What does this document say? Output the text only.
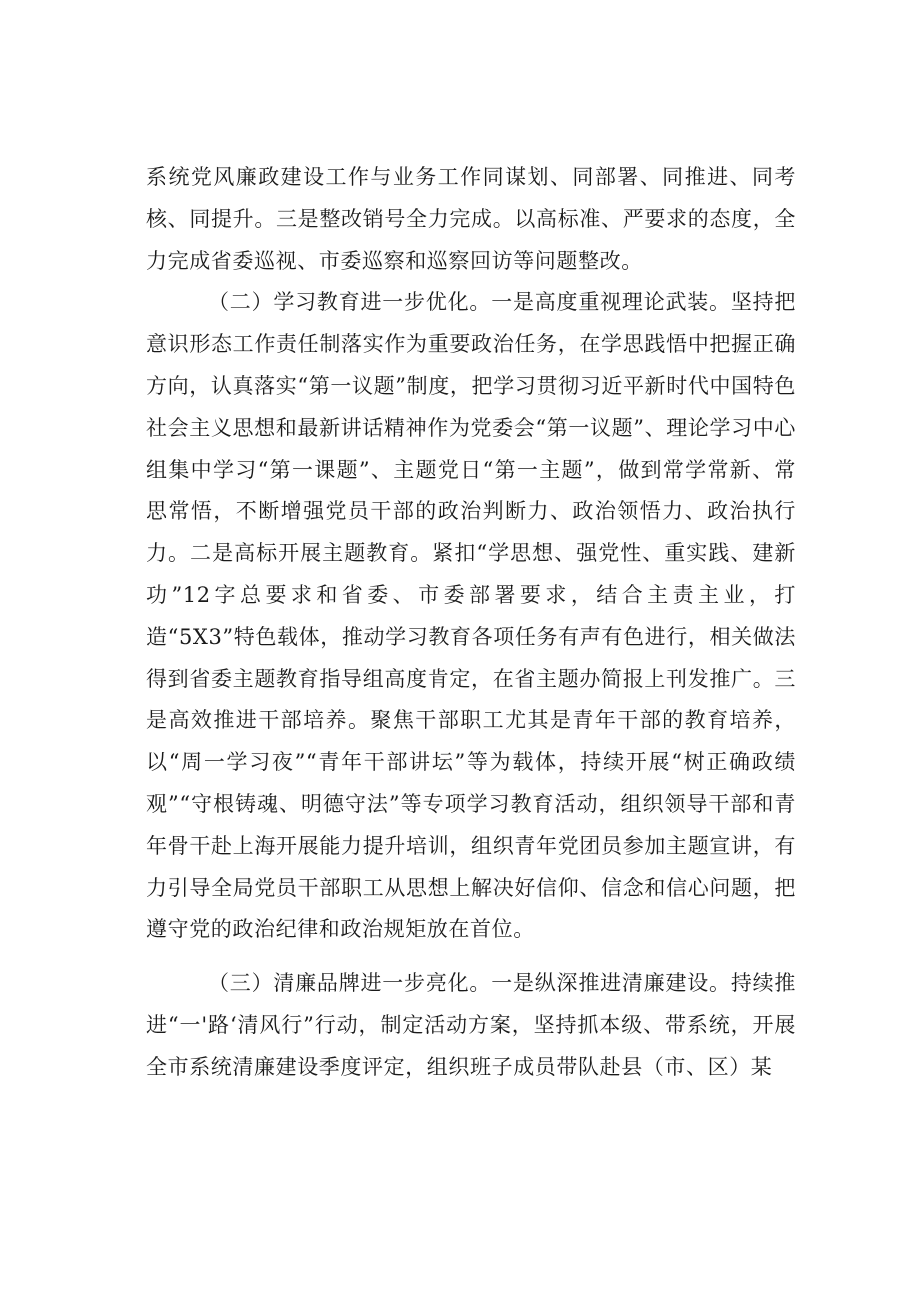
系统党风廉政建设工作与业务工作同谋划、同部署、同推进、同考核、同提升。三是整改销号全力完成。以高标准、严要求的态度，全力完成省委巡视、市委巡察和巡察回访等问题整改。

（二）学习教育进一步优化。一是高度重视理论武装。坚持把意识形态工作责任制落实作为重要政治任务，在学思践悟中把握正确方向，认真落实“第一议题”制度，把学习贯彻习近平新时代中国特色社会主义思想和最新讲话精神作为党委会“第一议题”、理论学习中心组集中学习“第一课题”、主题党日“第一主题”，做到常学常新、常思常悟，不断增强党员干部的政治判断力、政治领悟力、政治执行力。二是高标开展主题教育。紧扣“学思想、强党性、重实践、建新功”12字总要求和省委、市委部署要求，结合主责主业，打造“5X3”特色载体，推动学习教育各项任务有声有色进行，相关做法得到省委主题教育指导组高度肯定，在省主题办简报上刊发推广。三是高效推进干部培养。聚焦干部职工尤其是青年干部的教育培养，以“周一学习夜”“青年干部讲坛”等为载体，持续开展“树正确政绩观”“守根铸魂、明德守法”等专项学习教育活动，组织领导干部和青年骨干赴上海开展能力提升培训，组织青年党团员参加主题宣讲，有力引导全局党员干部职工从思想上解决好信仰、信念和信心问题，把遵守党的政治纪律和政治规矩放在首位。

（三）清廉品牌进一步亮化。一是纵深推进清廉建设。持续推进“一'路‘清风行”行动，制定活动方案，坚持抓本级、带系统，开展全市系统清廉建设季度评定，组织班子成员带队赴县（市、区）某
